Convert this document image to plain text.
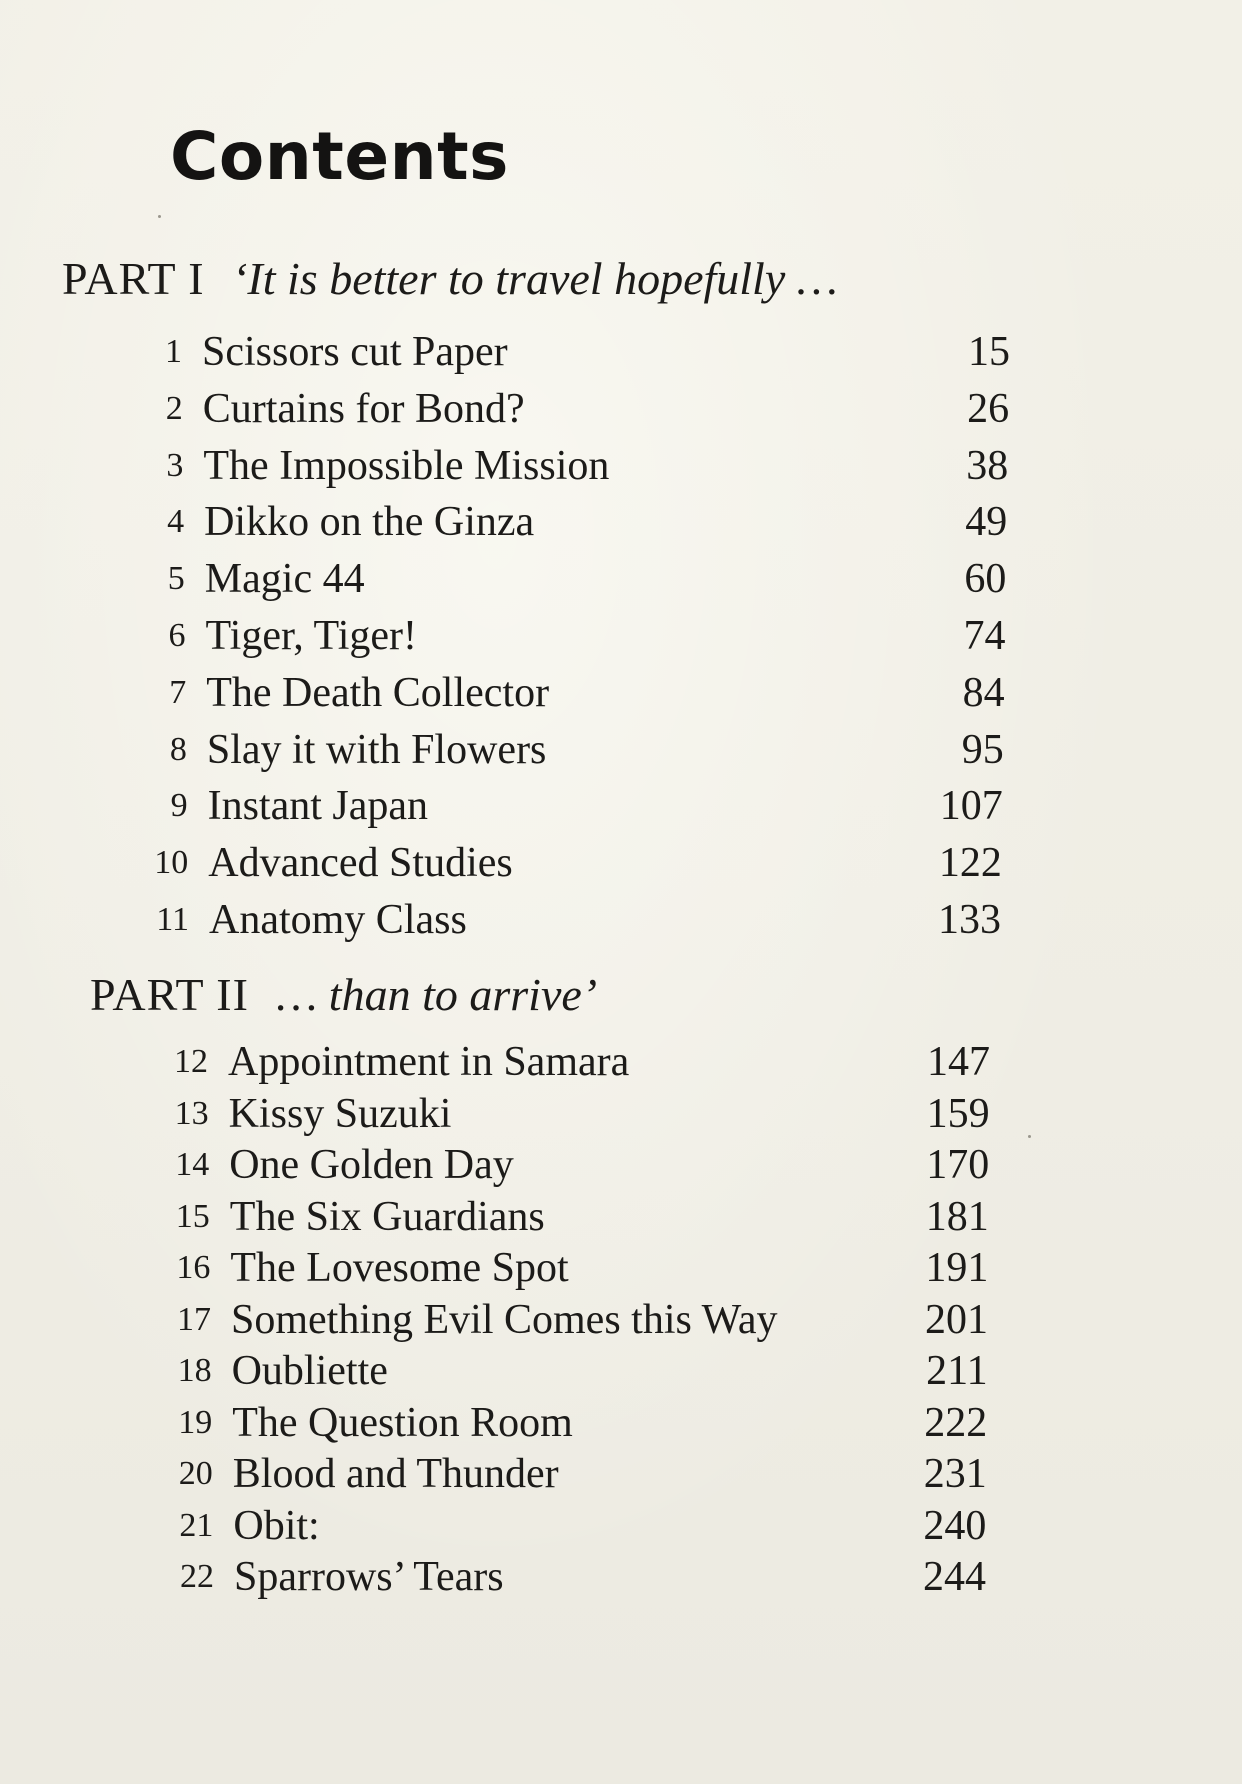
Contents
PART I ‘It is better to travel hopefully …
1 Scissors cut Paper	15
2 Curtains for Bond?	26
3 The Impossible Mission	38
4 Dikko on the Ginza	49
5 Magic 44	60
6 Tiger, Tiger!	74
7 The Death Collector	84
8 Slay it with Flowers	95
9 Instant Japan	107
10 Advanced Studies	122
11 Anatomy Class	133
PART II … than to arrive’
12 Appointment in Samara	147
13 Kissy Suzuki	159
14 One Golden Day	170
15 The Six Guardians	181
16 The Lovesome Spot	191
17 Something Evil Comes this Way	201
18 Oubliette	211
19 The Question Room	222
20 Blood and Thunder	231
21 Obit:	240
22 Sparrows’ Tears	244
